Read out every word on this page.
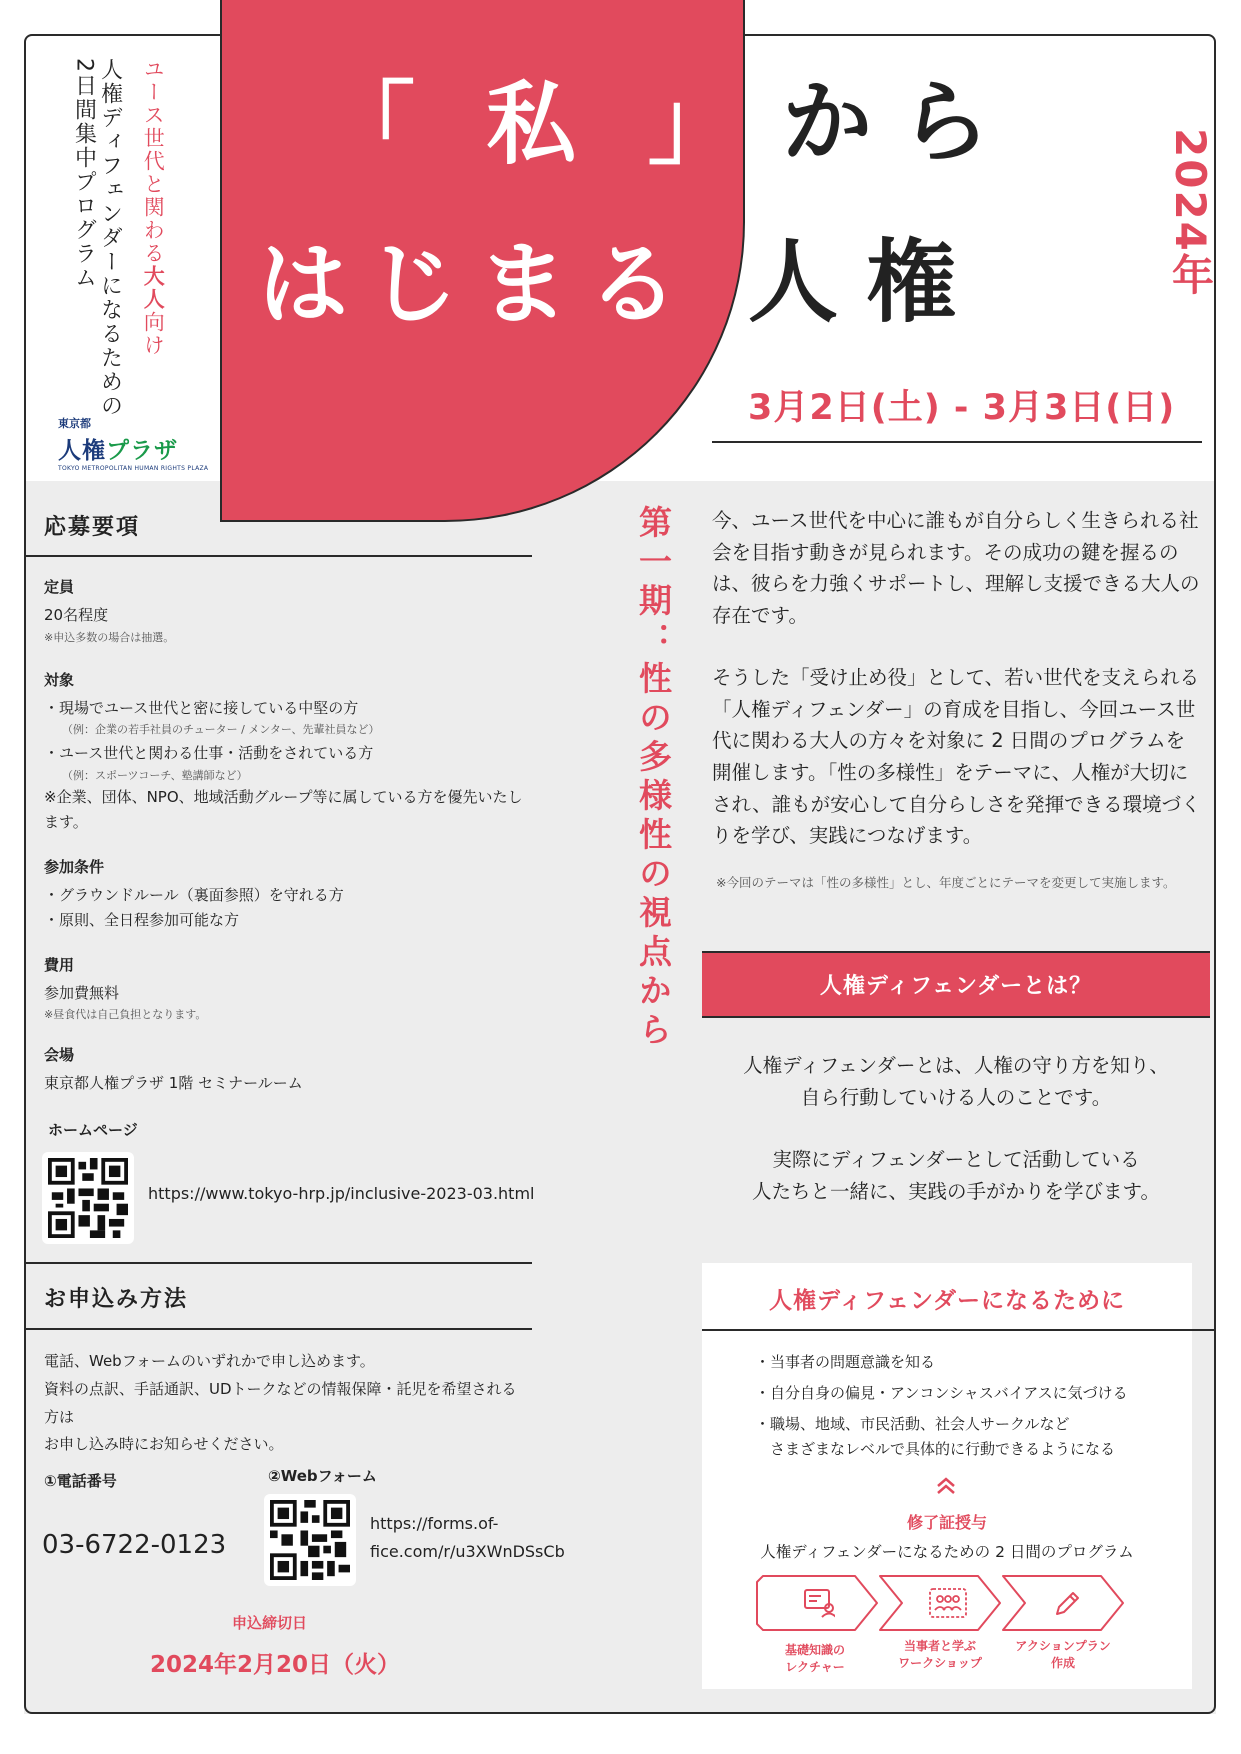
ユース世代と関わる大人向け
人権ディフェンダーになるための
2日間集中プログラム
東京都
人権プラザ
TOKYO METROPOLITAN HUMAN RIGHTS PLAZA
「 私 」 から
はじまる 人権	2024年
3月2日(土) - 3月3日(日)
第一期：性の多様性の視点から
応募要項
定員
20名程度
※申込多数の場合は抽選。
対象
・現場でユース世代と密に接している中堅の方
（例：企業の若手社員のチューター / メンター、先輩社員など）
・ユース世代と関わる仕事・活動をされている方
（例：スポーツコーチ、塾講師など）
※企業、団体、NPO、地域活動グループ等に属している方を優先いたします。
参加条件
・グラウンドルール（裏面参照）を守れる方
・原則、全日程参加可能な方
費用
参加費無料
※昼食代は自己負担となります。
会場
東京都人権プラザ 1階 セミナールーム
ホームページ
https://www.tokyo-hrp.jp/inclusive-2023-03.html
お申込み方法
電話、Webフォームのいずれかで申し込めます。
資料の点訳、手話通訳、UDトークなどの情報保障・託児を希望される方は
お申し込み時にお知らせください。
①電話番号
03-6722-0123
②Webフォーム
https://forms.of-
fice.com/r/u3XWnDSsCb
申込締切日
2024年2月20日（火）

今、ユース世代を中心に誰もが自分らしく生きられる社会を目指す動きが見られます。その成功の鍵を握るのは、彼らを力強くサポートし、理解し支援できる大人の存在です。

そうした「受け止め役」として、若い世代を支えられる「人権ディフェンダー」の育成を目指し、今回ユース世代に関わる大人の方々を対象に 2 日間のプログラムを開催します。「性の多様性」をテーマに、人権が大切にされ、誰もが安心して自分らしさを発揮できる環境づくりを学び、実践につなげます。

※今回のテーマは「性の多様性」とし、年度ごとにテーマを変更して実施します。
人権ディフェンダーとは？
人権ディフェンダーとは、人権の守り方を知り、
自ら行動していける人のことです。
実際にディフェンダーとして活動している
人たちと一緒に、実践の手がかりを学びます。
人権ディフェンダーになるために
・当事者の問題意識を知る
・自分自身の偏見・アンコンシャスバイアスに気づける
・職場、地域、市民活動、社会人サークルなど
　さまざまなレベルで具体的に行動できるようになる
修了証授与
人権ディフェンダーになるための 2 日間のプログラム
基礎知識の
レクチャー
当事者と学ぶ
ワークショップ
アクションプラン
作成
